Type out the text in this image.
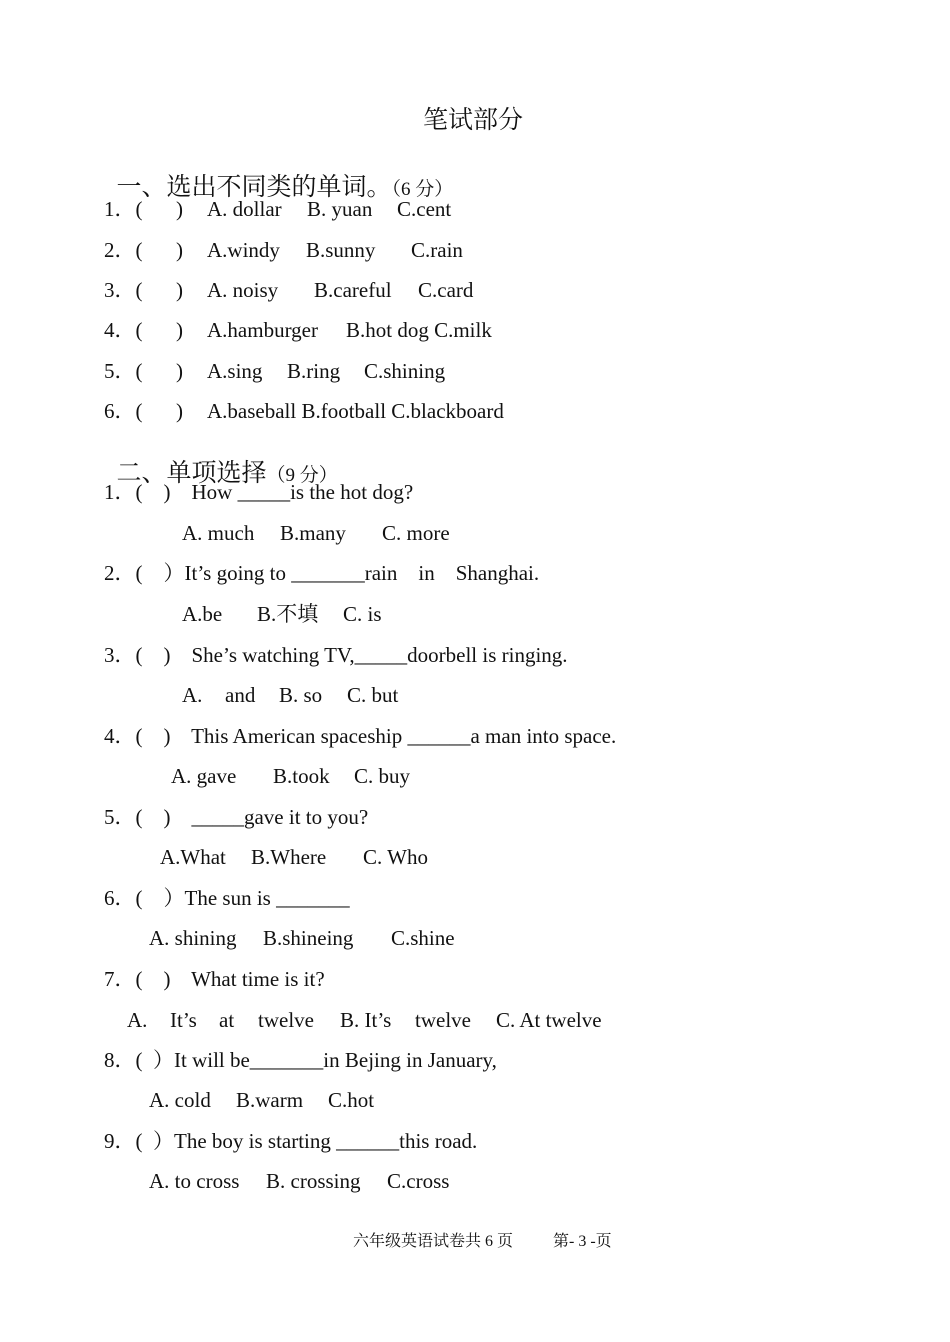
笔试部分

一、选出不同类的单词。（6 分）

1．( ) A. dollar B. yuan C.cent
2．( ) A.windy B.sunny C.rain
3．( ) A. noisy B.careful C.card
4．( ) A.hamburger B.hot dog C.milk
5．( ) A.sing B.ring C.shining
6．( ) A.baseball B.football C.blackboard

二、单项选择（9 分）

1．(    )    How _____is the hot dog?
A. much B.many C. more
2．(    ）It’s going to _______rain    in    Shanghai.
A.be B.不填 C. is
3．(    )    She’s watching TV,_____doorbell is ringing.
A. and B. so C. but
4．(    )    This American spaceship ______a man into space.
A. gave B.took C. buy
5．(    )    _____gave it to you?
A.What B.Where C. Who
6．(    ）The sun is _______
A. shining B.shineing C.shine
7．(    )    What time is it?
A. It’s at twelve B. It’s twelve C. At twelve
8．(  ）It will be_______in Bejing in January,
A. cold B.warm C.hot
9．(  ）The boy is starting ______this road.
A. to cross B. crossing C.cross
六年级英语试卷共 6 页 第- 3 -页
